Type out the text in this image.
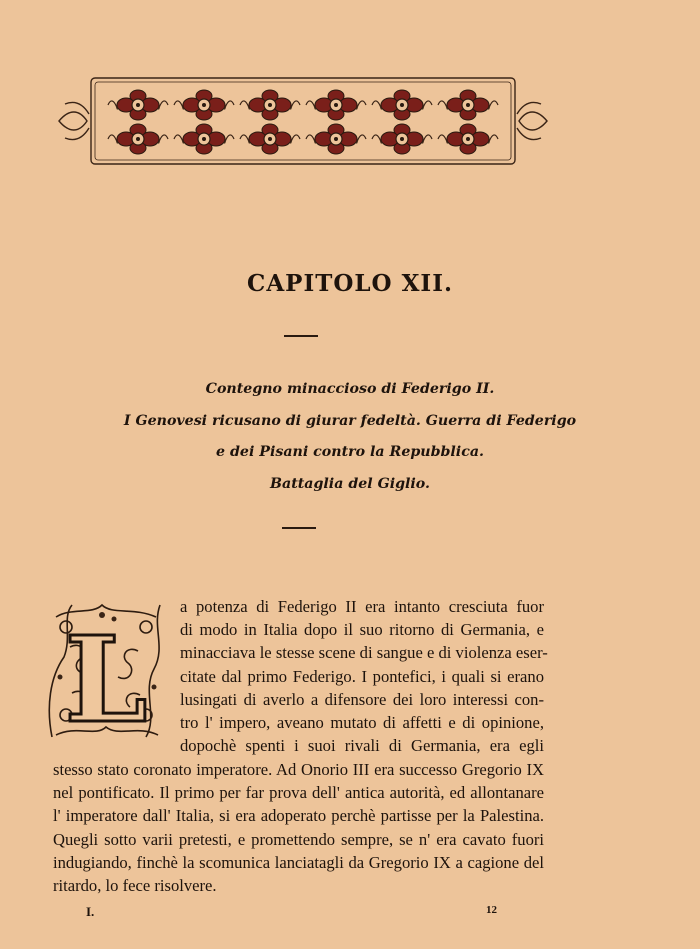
CAPITOLO XII.
Contegno minaccioso di Federigo II.
I Genovesi ricusano di giurar fedeltà. Guerra di Federigo
e dei Pisani contro la Repubblica.
Battaglia del Giglio.
L
a potenza di Federigo II era intanto cresciuta fuor
di modo in Italia dopo il suo ritorno di Germania, e
minacciava le stesse scene di sangue e di violenza eser-
citate dal primo Federigo. I pontefici, i quali si erano
lusingati di averlo a difensore dei loro interessi con-
tro l' impero, aveano mutato di affetti e di opinione,
dopochè spenti i suoi rivali di Germania, era egli
stesso stato coronato imperatore. Ad Onorio III era successo Gregorio IX
nel pontificato. Il primo per far prova dell' antica autorità, ed allontanare
l' imperatore dall' Italia, si era adoperato perchè partisse per la Palestina.
Quegli sotto varii pretesti, e promettendo sempre, se n' era cavato fuori
indugiando, finchè la scomunica lanciatagli da Gregorio IX a cagione del
ritardo, lo fece risolvere.
I.	12
